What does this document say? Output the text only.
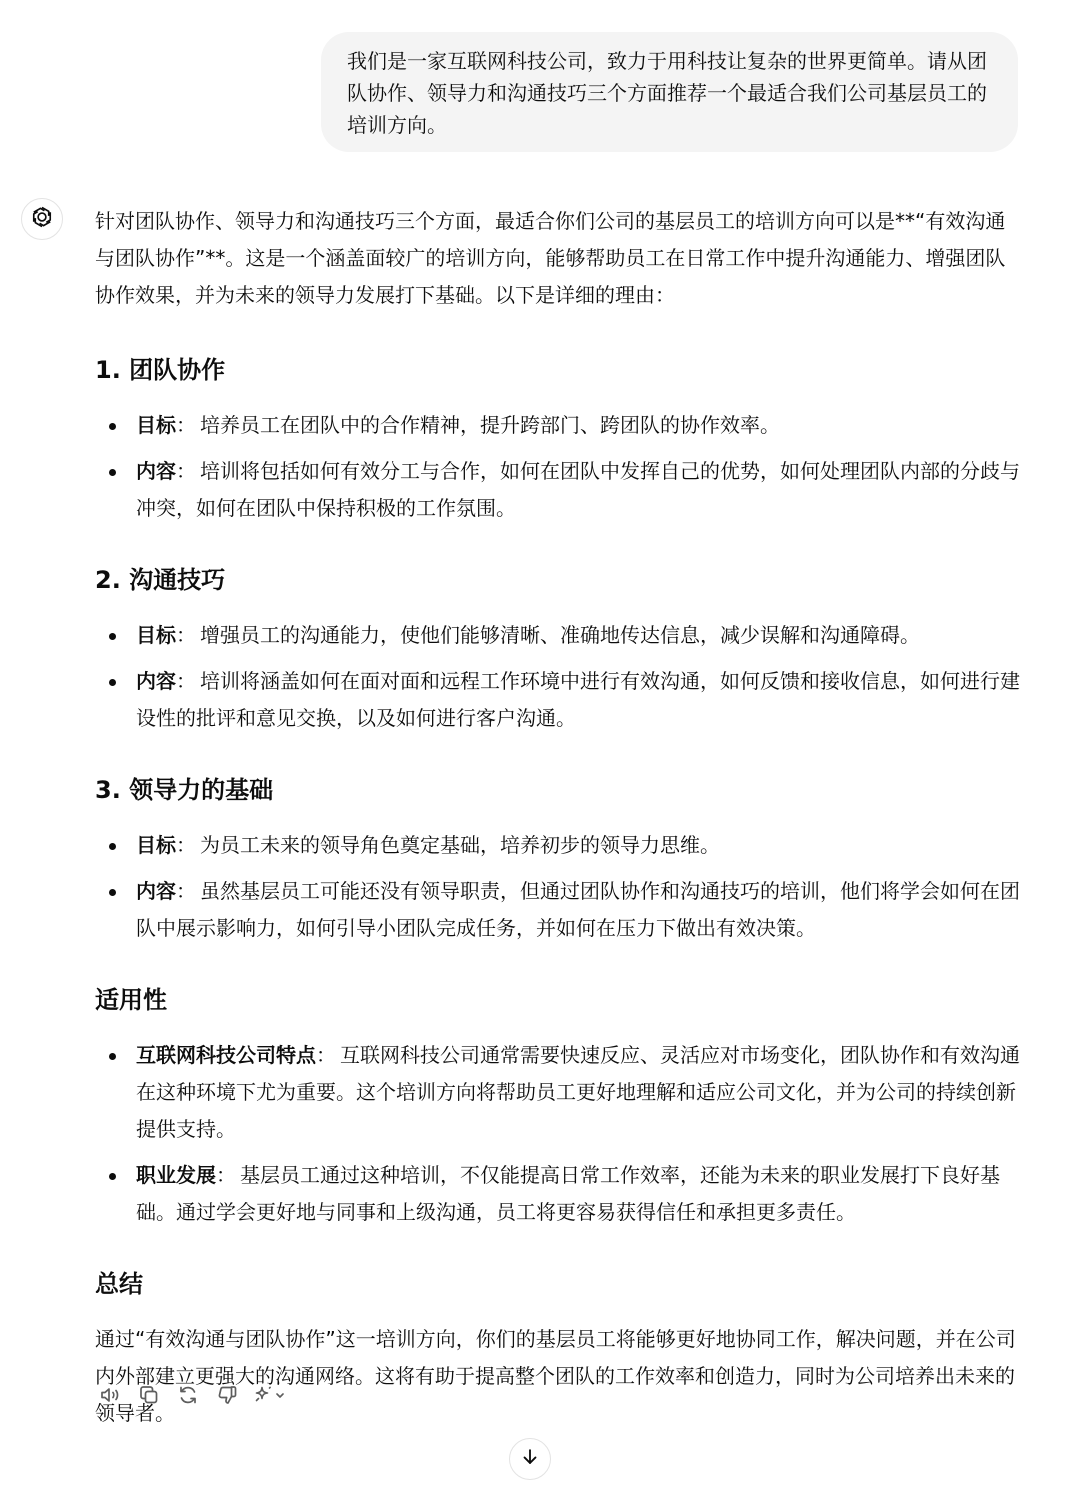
我们是一家互联网科技公司，致力于用科技让复杂的世界更简单。请从团队协作、领导力和沟通技巧三个方面推荐一个最适合我们公司基层员工的培训方向。

针对团队协作、领导力和沟通技巧三个方面，最适合你们公司的基层员工的培训方向可以是**“有效沟通与团队协作”**。这是一个涵盖面较广的培训方向，能够帮助员工在日常工作中提升沟通能力、增强团队协作效果，并为未来的领导力发展打下基础。以下是详细的理由：

1. 团队协作
目标： 培养员工在团队中的合作精神，提升跨部门、跨团队的协作效率。
内容： 培训将包括如何有效分工与合作，如何在团队中发挥自己的优势，如何处理团队内部的分歧与冲突，如何在团队中保持积极的工作氛围。
2. 沟通技巧
目标： 增强员工的沟通能力，使他们能够清晰、准确地传达信息，减少误解和沟通障碍。
内容： 培训将涵盖如何在面对面和远程工作环境中进行有效沟通，如何反馈和接收信息，如何进行建设性的批评和意见交换，以及如何进行客户沟通。
3. 领导力的基础
目标： 为员工未来的领导角色奠定基础，培养初步的领导力思维。
内容： 虽然基层员工可能还没有领导职责，但通过团队协作和沟通技巧的培训，他们将学会如何在团队中展示影响力，如何引导小团队完成任务，并如何在压力下做出有效决策。
适用性
互联网科技公司特点： 互联网科技公司通常需要快速反应、灵活应对市场变化，团队协作和有效沟通在这种环境下尤为重要。这个培训方向将帮助员工更好地理解和适应公司文化，并为公司的持续创新提供支持。
职业发展： 基层员工通过这种培训，不仅能提高日常工作效率，还能为未来的职业发展打下良好基础。通过学会更好地与同事和上级沟通，员工将更容易获得信任和承担更多责任。
总结

通过“有效沟通与团队协作”这一培训方向，你们的基层员工将能够更好地协同工作，解决问题，并在公司内外部建立更强大的沟通网络。这将有助于提高整个团队的工作效率和创造力，同时为公司培养出未来的领导者。
